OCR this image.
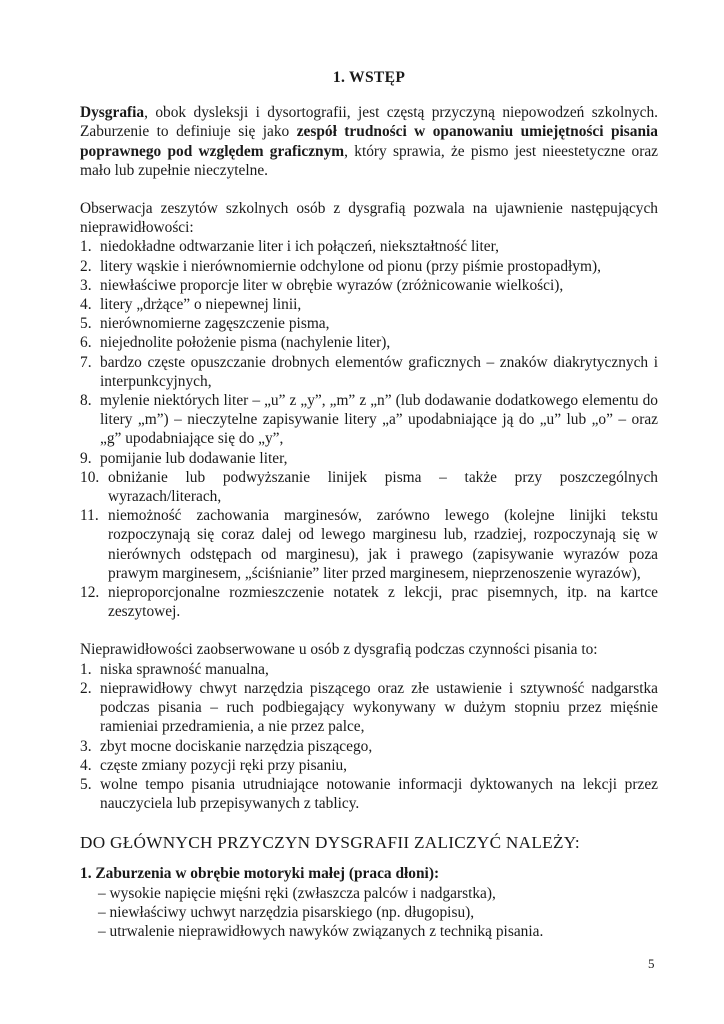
1. WSTĘP

Dysgrafia, obok dysleksji i dysortografii, jest częstą przyczyną niepowodzeń szkolnych. Zaburzenie to definiuje się jako zespół trudności w opanowaniu umiejętności pisania poprawnego pod względem graficznym, który sprawia, że pismo jest nieestetyczne oraz mało lub zupełnie nieczytelne.

Obserwacja zeszytów szkolnych osób z dysgrafią pozwala na ujawnienie następujących nieprawidłowości:

1. niedokładne odtwarzanie liter i ich połączeń, niekształtność liter,
2. litery wąskie i nierównomiernie odchylone od pionu (przy piśmie prostopadłym),
3. niewłaściwe proporcje liter w obrębie wyrazów (zróżnicowanie wielkości),
4. litery „drżące” o niepewnej linii,
5. nierównomierne zagęszczenie pisma,
6. niejednolite położenie pisma (nachylenie liter),
7. bardzo częste opuszczanie drobnych elementów graficznych – znaków diakrytycznych i interpunkcyjnych,
8. mylenie niektórych liter – „u” z „y”, „m” z „n” (lub dodawanie dodatkowego elementu do litery „m”) – nieczytelne zapisywanie litery „a” upodabniające ją do „u” lub „o” – oraz „g” upodabniające się do „y”,
9. pomijanie lub dodawanie liter,
10. obniżanie lub podwyższanie linijek pisma – także przy poszczególnych wyrazach/literach,
11. niemożność zachowania marginesów, zarówno lewego (kolejne linijki tekstu rozpoczynają się coraz dalej od lewego marginesu lub, rzadziej, rozpoczynają się w nierównych odstępach od marginesu), jak i prawego (zapisywanie wyrazów poza prawym marginesem, „ściśnianie” liter przed marginesem, nieprzenoszenie wyrazów),
12. nieproporcjonalne rozmieszczenie notatek z lekcji, prac pisemnych, itp. na kartce zeszytowej.

Nieprawidłowości zaobserwowane u osób z dysgrafią podczas czynności pisania to:

1. niska sprawność manualna,
2. nieprawidłowy chwyt narzędzia piszącego oraz złe ustawienie i sztywność nadgarstka podczas pisania – ruch podbiegający wykonywany w dużym stopniu przez mięśnie ramieniai przedramienia, a nie przez palce,
3. zbyt mocne dociskanie narzędzia piszącego,
4. częste zmiany pozycji ręki przy pisaniu,
5. wolne tempo pisania utrudniające notowanie informacji dyktowanych na lekcji przez nauczyciela lub przepisywanych z tablicy.
DO GŁÓWNYCH PRZYCZYN DYSGRAFII ZALICZYĆ NALEŻY:
1. Zaburzenia w obrębie motoryki małej (praca dłoni):
– wysokie napięcie mięśni ręki (zwłaszcza palców i nadgarstka),
– niewłaściwy uchwyt narzędzia pisarskiego (np. długopisu),
– utrwalenie nieprawidłowych nawyków związanych z techniką pisania.
5
